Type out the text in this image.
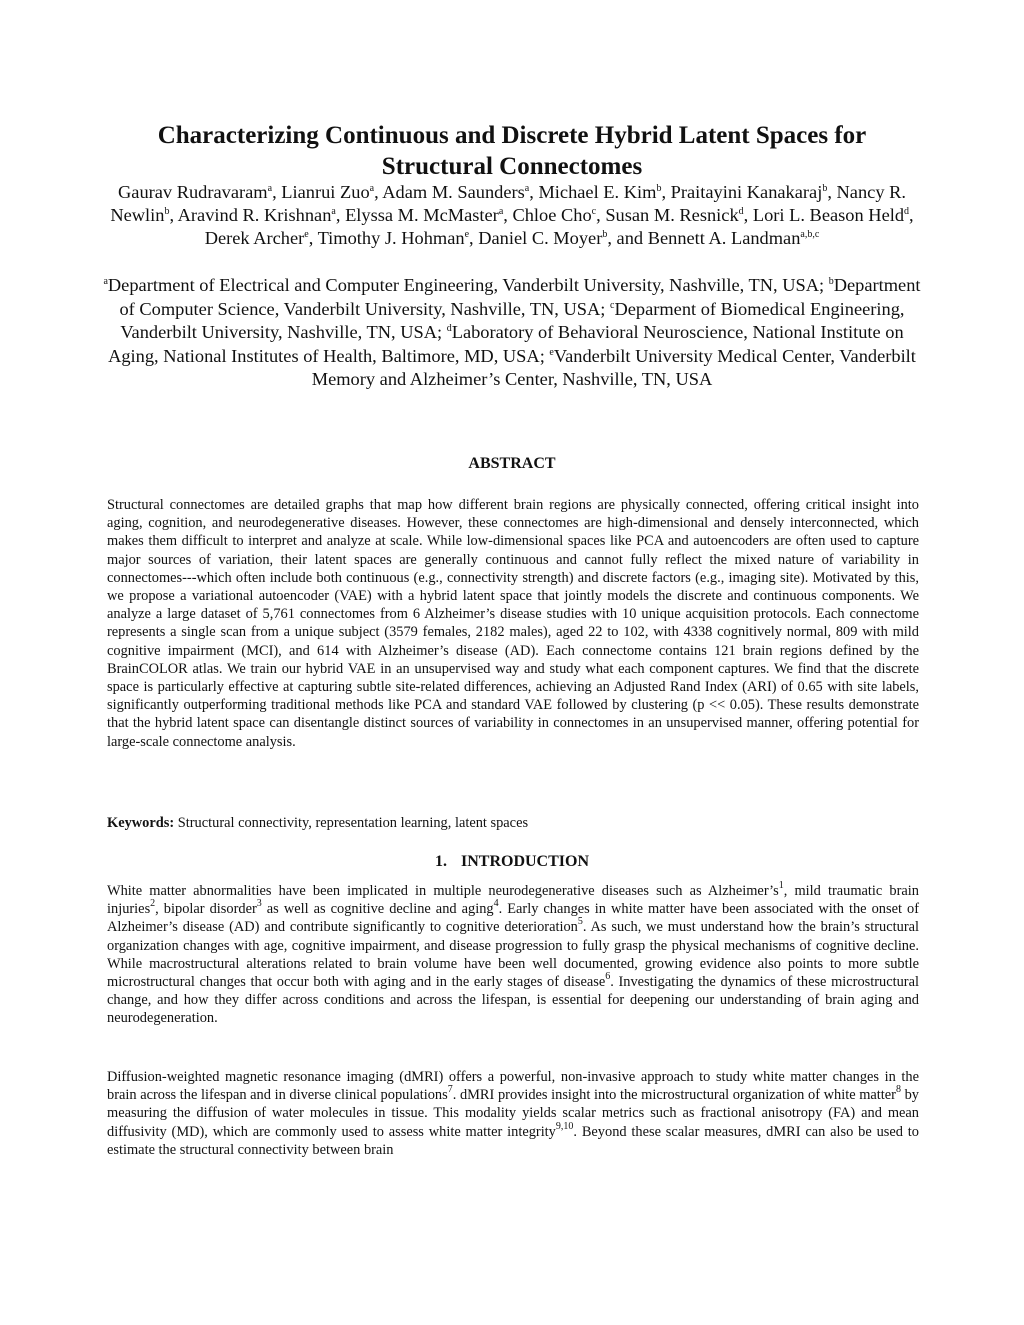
Characterizing Continuous and Discrete Hybrid Latent Spaces for Structural Connectomes
Gaurav Rudravaram$^a$, Lianrui Zuo$^a$, Adam M. Saunders$^a$, Michael E. Kim$^b$, Praitayini Kanakaraj$^b$, Nancy R. Newlin$^b$, Aravind R. Krishnan$^a$, Elyssa M. McMaster$^a$, Chloe Cho$^c$, Susan M. Resnick$^d$, Lori L. Beason Held$^d$, Derek Archer$^e$, Timothy J. Hohman$^e$, Daniel C. Moyer$^b$, and Bennett A. Landman$^{a,b,c}$
$^a$Department of Electrical and Computer Engineering, Vanderbilt University, Nashville, TN, USA; $^b$Department of Computer Science, Vanderbilt University, Nashville, TN, USA; $^c$Deparment of Biomedical Engineering, Vanderbilt University, Nashville, TN, USA; $^d$Laboratory of Behavioral Neuroscience, National Institute on Aging, National Institutes of Health, Baltimore, MD, USA; $^e$Vanderbilt University Medical Center, Vanderbilt Memory and Alzheimer’s Center, Nashville, TN, USA
ABSTRACT

Structural connectomes are detailed graphs that map how different brain regions are physically connected, offering critical insight into aging, cognition, and neurodegenerative diseases. However, these connectomes are high-dimensional and densely interconnected, which makes them difficult to interpret and analyze at scale. While low-dimensional spaces like PCA and autoencoders are often used to capture major sources of variation, their latent spaces are generally continuous and cannot fully reflect the mixed nature of variability in connectomes---which often include both continuous (e.g., connectivity strength) and discrete factors (e.g., imaging site). Motivated by this, we propose a variational autoencoder (VAE) with a hybrid latent space that jointly models the discrete and continuous components. We analyze a large dataset of 5,761 connectomes from 6 Alzheimer’s disease studies with 10 unique acquisition protocols. Each connectome represents a single scan from a unique subject (3579 females, 2182 males), aged 22 to 102, with 4338 cognitively normal, 809 with mild cognitive impairment (MCI), and 614 with Alzheimer’s disease (AD). Each connectome contains 121 brain regions defined by the BrainCOLOR atlas. We train our hybrid VAE in an unsupervised way and study what each component captures. We find that the discrete space is particularly effective at capturing subtle site-related differences, achieving an Adjusted Rand Index (ARI) of 0.65 with site labels, significantly outperforming traditional methods like PCA and standard VAE followed by clustering (p << 0.05). These results demonstrate that the hybrid latent space can disentangle distinct sources of variability in connectomes in an unsupervised manner, offering potential for large-scale connectome analysis.

Keywords: Structural connectivity, representation learning, latent spaces

1. INTRODUCTION

White matter abnormalities have been implicated in multiple neurodegenerative diseases such as $Alzheimer’s^1$, mild traumatic brain injuries$^2$, bipolar disorder$^3$ as well as cognitive decline and aging$^4$. Early changes in white matter have been associated with the onset of Alzheimer’s disease (AD) and contribute significantly to cognitive deterioration$^5$. As such, we must understand how the brain’s structural organization changes with age, cognitive impairment, and disease progression to fully grasp the physical mechanisms of cognitive decline. While macrostructural alterations related to brain volume have been well documented, growing evidence also points to more subtle microstructural changes that occur both with aging and in the early stages of disease$^6$. Investigating the dynamics of these microstructural change, and how they differ across conditions and across the lifespan, is essential for deepening our understanding of brain aging and neurodegeneration.

Diffusion-weighted magnetic resonance imaging (dMRI) offers a powerful, non-invasive approach to study white matter changes in the brain across the lifespan and in diverse clinical populations$^7$. dMRI provides insight into the microstructural organization of white matter$^8$ by measuring the diffusion of water molecules in tissue. This modality yields scalar metrics such as fractional anisotropy (FA) and mean diffusivity (MD), which are commonly used to assess white matter integrity$^{9,10}$. Beyond these scalar measures, dMRI can also be used to estimate the structural connectivity between brain
